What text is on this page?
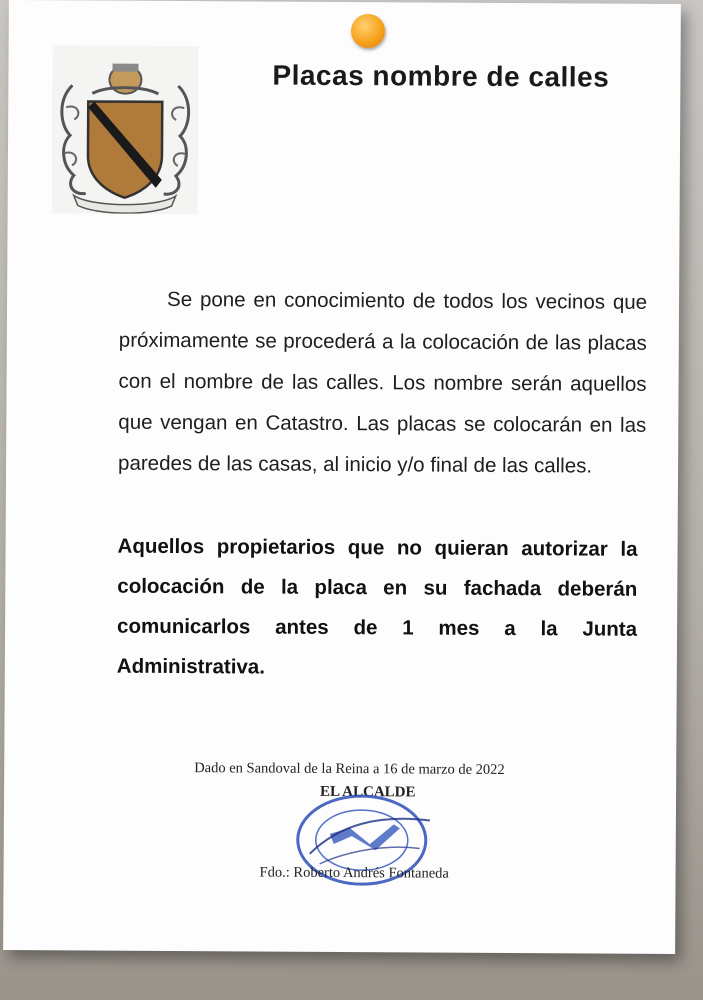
Placas nombre de calles

Se pone en conocimiento de todos los vecinos que próximamente se procederá a la colocación de las placas con el nombre de las calles. Los nombre serán aquellos que vengan en Catastro. Las placas se colocarán en las paredes de las casas, al inicio y/o final de las calles.

Aquellos propietarios que no quieran autorizar la colocación de la placa en su fachada deberán comunicarlos antes de 1 mes a la Junta Administrativa.

Dado en Sandoval de la Reina a 16 de marzo de 2022
EL ALCALDE
Fdo.: Roberto Andrés Fontaneda
